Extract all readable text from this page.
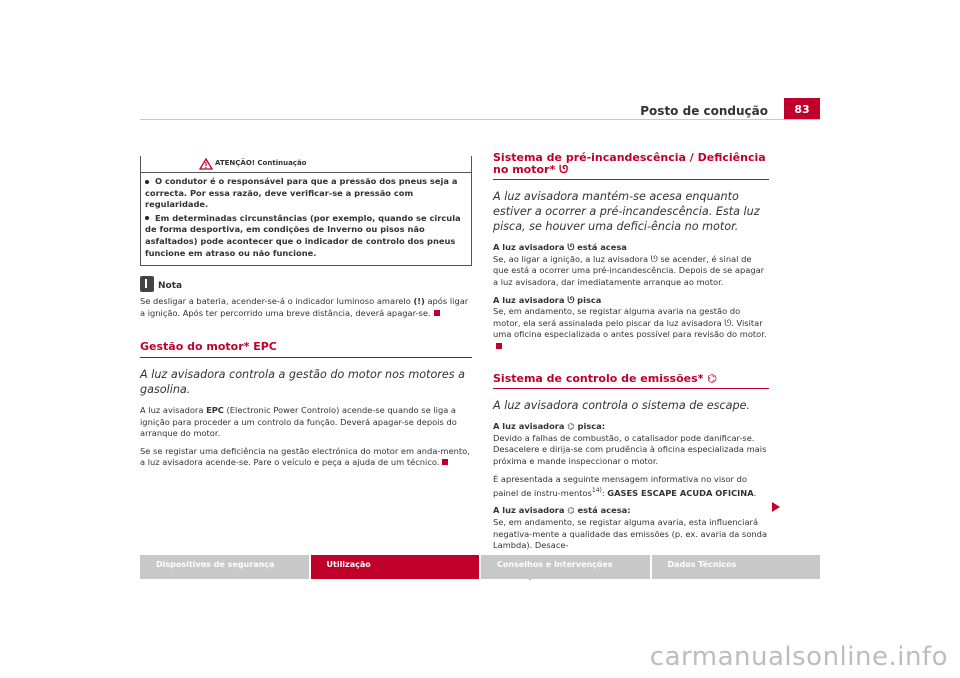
Posto de condução	83
ATENÇÃO! Continuação
O condutor é o responsável para que a pressão dos pneus seja a correcta. Por essa razão, deve verificar-se a pressão com regularidade.
Em determinadas circunstâncias (por exemplo, quando se circula de forma desportiva, em condições de Inverno ou pisos não asfaltados) pode acontecer que o indicador de controlo dos pneus funcione em atraso ou não funcione.
Nota

Se desligar a bateria, acender-se-á o indicador luminoso amarelo (!) após ligar a ignição. Após ter percorrido uma breve distância, deverá apagar-se.

Gestão do motor* EPC
A luz avisadora controla a gestão do motor nos motores a gasolina.

A luz avisadora EPC (Electronic Power Controlo) acende-se quando se liga a ignição para proceder a um controlo da função. Deverá apagar-se depois do arranque do motor.

Se se registar uma deficiência na gestão electrónica do motor em anda-mento, a luz avisadora acende-se. Pare o veículo e peça a ajuda de um técnico.

Sistema de pré-incandescência / Deficiência no motor* ᘎ
A luz avisadora mantém-se acesa enquanto estiver a ocorrer a pré-incandescência. Esta luz pisca, se houver uma defici-ência no motor.
A luz avisadora ᘎ está acesa

Se, ao ligar a ignição, a luz avisadora ᘎ se acender, é sinal de que está a ocorrer uma pré-incandescência. Depois de se apagar a luz avisadora, dar imediatamente arranque ao motor.

A luz avisadora ᘎ pisca

Se, em andamento, se registar alguma avaria na gestão do motor, ela será assinalada pelo piscar da luz avisadora ᘎ. Visitar uma oficina especializada o antes possível para revisão do motor.

Sistema de controlo de emissões* ⌬
A luz avisadora controla o sistema de escape.
A luz avisadora ⌬ pisca:

Devido a falhas de combustão, o catalisador pode danificar-se. Desacelere e dirija-se com prudência à oficina especializada mais próxima e mande inspeccionar o motor.

É apresentada a seguinte mensagem informativa no visor do painel de instru-mentos$^{14)}$: GASES ESCAPE ACUDA OFICINA.

A luz avisadora ⌬ está acesa:

Se, em andamento, se registar alguma avaria, esta influenciará negativa-mente a qualidade das emissões (p. ex. avaria da sonda Lambda). Desace-

Dispositivos de segurança	Utilização	Conselhos e Intervenções	Dados Técnicos
carmanualsonline.info
